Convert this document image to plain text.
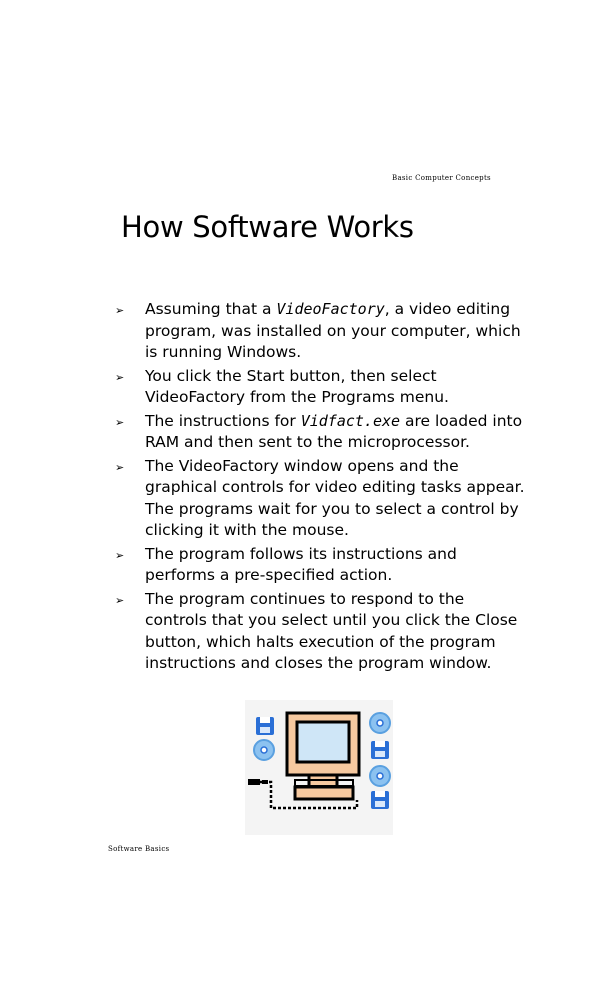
Basic Computer Concepts
How Software Works
➢	Assuming that a VideoFactory, a video editing program, was installed on your computer, which is running Windows.
➢	You click the Start button, then select VideoFactory from the Programs menu.
➢	The instructions for Vidfact.exe are loaded into RAM and then sent to the microprocessor.
➢	The VideoFactory window opens and the graphical controls for video editing tasks appear. The programs wait for you to select a control by clicking it with the mouse.
➢	The program follows its instructions and performs a pre-specified action.
➢	The program continues to respond to the controls that you select until you click the Close button, which halts execution of the program instructions and closes the program window.
Software Basics
